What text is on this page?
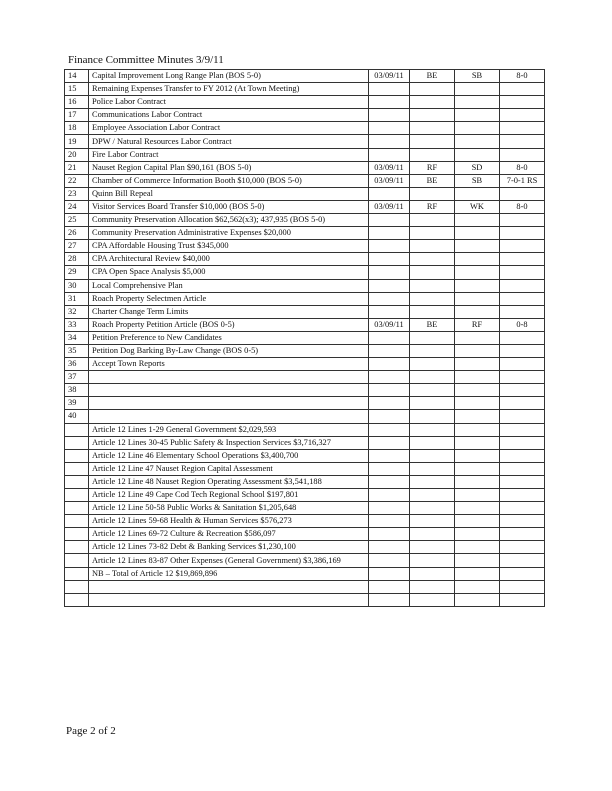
Finance Committee Minutes 3/9/11
14	Capital Improvement Long Range Plan (BOS 5-0)	03/09/11	BE	SB	8-0
15	Remaining Expenses Transfer to FY 2012 (At Town Meeting)				
16	Police Labor Contract				
17	Communications Labor Contract				
18	Employee Association Labor Contract				
19	DPW / Natural Resources Labor Contract				
20	Fire Labor Contract				
21	Nauset Region Capital Plan $90,161 (BOS 5-0)	03/09/11	RF	SD	8-0
22	Chamber of Commerce Information Booth $10,000 (BOS 5-0)	03/09/11	BE	SB	7-0-1 RS
23	Quinn Bill Repeal				
24	Visitor Services Board Transfer $10,000 (BOS 5-0)	03/09/11	RF	WK	8-0
25	Community Preservation Allocation $62,562(x3); 437,935 (BOS 5-0)				
26	Community Preservation Administrative Expenses $20,000				
27	CPA Affordable Housing Trust $345,000				
28	CPA Architectural Review $40,000				
29	CPA Open Space Analysis $5,000				
30	Local Comprehensive Plan				
31	Roach Property Selectmen Article				
32	Charter Change Term Limits				
33	Roach Property Petition Article (BOS 0-5)	03/09/11	BE	RF	0-8
34	Petition Preference to New Candidates				
35	Petition Dog Barking By-Law Change (BOS 0-5)				
36	Accept Town Reports				
37					
38					
39					
40					
	Article 12 Lines 1-29 General Government $2,029,593				
	Article 12 Lines 30-45 Public Safety & Inspection Services $3,716,327				
	Article 12 Line 46 Elementary School Operations $3,400,700				
	Article 12 Line 47 Nauset Region Capital Assessment				
	Article 12 Line 48 Nauset Region Operating Assessment $3,541,188				
	Article 12 Line 49 Cape Cod Tech Regional School $197,801				
	Article 12 Line 50-58 Public Works & Sanitation $1,205,648				
	Article 12 Lines 59-68 Health & Human Services $576,273				
	Article 12 Lines 69-72 Culture & Recreation $586,097				
	Article 12 Lines 73-82 Debt & Banking Services $1,230,100				
	Article 12 Lines 83-87 Other Expenses (General Government) $3,386,169				
	NB – Total of Article 12 $19,869,896				

Page 2 of 2
